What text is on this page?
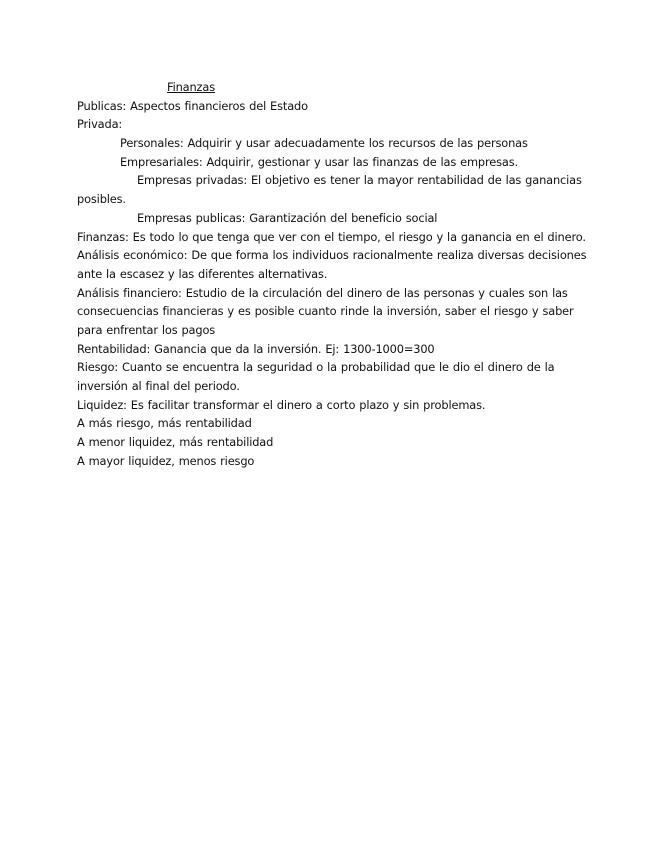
Finanzas
Publicas: Aspectos financieros del Estado
Privada:
Personales: Adquirir y usar adecuadamente los recursos de las personas
Empresariales: Adquirir, gestionar y usar las finanzas de las empresas.
Empresas privadas: El objetivo es tener la mayor rentabilidad de las ganancias
posibles.
Empresas publicas: Garantización del beneficio social
Finanzas: Es todo lo que tenga que ver con el tiempo, el riesgo y la ganancia en el dinero.
Análisis económico: De que forma los individuos racionalmente realiza diversas decisiones
ante la escasez y las diferentes alternativas.
Análisis financiero: Estudio de la circulación del dinero de las personas y cuales son las
consecuencias financieras y es posible cuanto rinde la inversión, saber el riesgo y saber
para enfrentar los pagos
Rentabilidad: Ganancia que da la inversión. Ej: 1300-1000=300
Riesgo: Cuanto se encuentra la seguridad o la probabilidad que le dio el dinero de la
inversión al final del periodo.
Liquidez: Es facilitar transformar el dinero a corto plazo y sin problemas.
A más riesgo, más rentabilidad
A menor liquidez, más rentabilidad
A mayor liquidez, menos riesgo
